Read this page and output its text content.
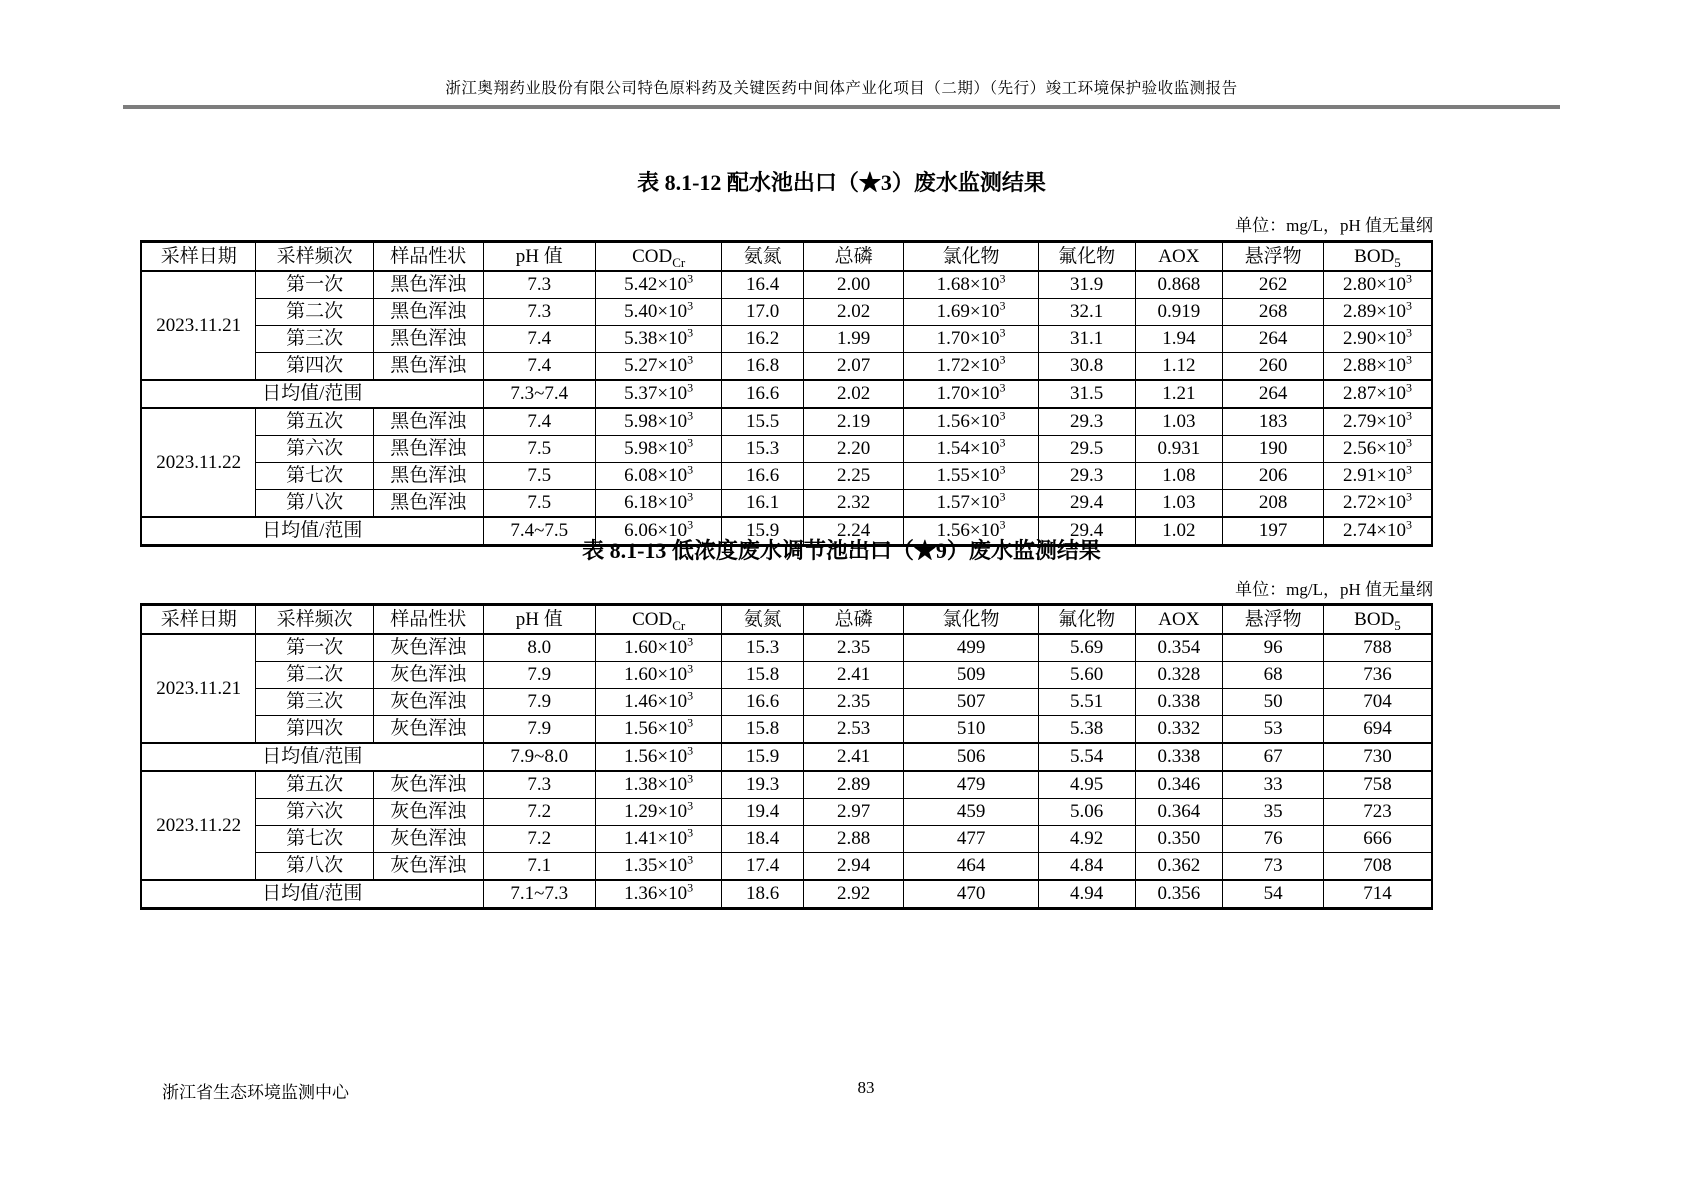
浙江奥翔药业股份有限公司特色原料药及关键医药中间体产业化项目（二期）（先行）竣工环境保护验收监测报告
表 8.1-12 配水池出口（★3）废水监测结果
单位：mg/L，pH 值无量纲
采样日期	采样频次	样品性状	pH 值	$COD_{Cr}$	氨氮	总磷	氯化物	氟化物	AOX	悬浮物	$BOD_5$
2023.11.21	第一次	黑色浑浊	7.3	$5.42\times 10^3$	16.4	2.00	$1.68\times 10^3$	31.9	0.868	262	$2.80\times 10^3$
	第二次	黑色浑浊	7.3	$5.40\times 10^3$	17.0	2.02	$1.69\times 10^3$	32.1	0.919	268	$2.89\times 10^3$
	第三次	黑色浑浊	7.4	$5.38\times 10^3$	16.2	1.99	$1.70\times 10^3$	31.1	1.94	264	$2.90\times 10^3$
	第四次	黑色浑浊	7.4	$5.27\times 10^3$	16.8	2.07	$1.72\times 10^3$	30.8	1.12	260	$2.88\times 10^3$
日均值/范围			7.3~7.4	$5.37\times 10^3$	16.6	2.02	$1.70\times 10^3$	31.5	1.21	264	$2.87\times 10^3$
2023.11.22	第五次	黑色浑浊	7.4	$5.98\times 10^3$	15.5	2.19	$1.56\times 10^3$	29.3	1.03	183	$2.79\times 10^3$
	第六次	黑色浑浊	7.5	$5.98\times 10^3$	15.3	2.20	$1.54\times 10^3$	29.5	0.931	190	$2.56\times 10^3$
	第七次	黑色浑浊	7.5	$6.08\times 10^3$	16.6	2.25	$1.55\times 10^3$	29.3	1.08	206	$2.91\times 10^3$
	第八次	黑色浑浊	7.5	$6.18\times 10^3$	16.1	2.32	$1.57\times 10^3$	29.4	1.03	208	$2.72\times 10^3$
日均值/范围			7.4~7.5	$6.06\times 10^3$	15.9	2.24	$1.56\times 10^3$	29.4	1.02	197	$2.74\times 10^3$
表 8.1-13 低浓度废水调节池出口（★9）废水监测结果
单位：mg/L，pH 值无量纲
采样日期	采样频次	样品性状	pH 值	$COD_{Cr}$	氨氮	总磷	氯化物	氟化物	AOX	悬浮物	$BOD_5$
2023.11.21	第一次	灰色浑浊	8.0	$1.60\times 10^3$	15.3	2.35	499	5.69	0.354	96	788
	第二次	灰色浑浊	7.9	$1.60\times 10^3$	15.8	2.41	509	5.60	0.328	68	736
	第三次	灰色浑浊	7.9	$1.46\times 10^3$	16.6	2.35	507	5.51	0.338	50	704
	第四次	灰色浑浊	7.9	$1.56\times 10^3$	15.8	2.53	510	5.38	0.332	53	694
日均值/范围			7.9~8.0	$1.56\times 10^3$	15.9	2.41	506	5.54	0.338	67	730
2023.11.22	第五次	灰色浑浊	7.3	$1.38\times 10^3$	19.3	2.89	479	4.95	0.346	33	758
	第六次	灰色浑浊	7.2	$1.29\times 10^3$	19.4	2.97	459	5.06	0.364	35	723
	第七次	灰色浑浊	7.2	$1.41\times 10^3$	18.4	2.88	477	4.92	0.350	76	666
	第八次	灰色浑浊	7.1	$1.35\times 10^3$	17.4	2.94	464	4.84	0.362	73	708
日均值/范围			7.1~7.3	$1.36\times 10^3$	18.6	2.92	470	4.94	0.356	54	714
浙江省生态环境监测中心	83
